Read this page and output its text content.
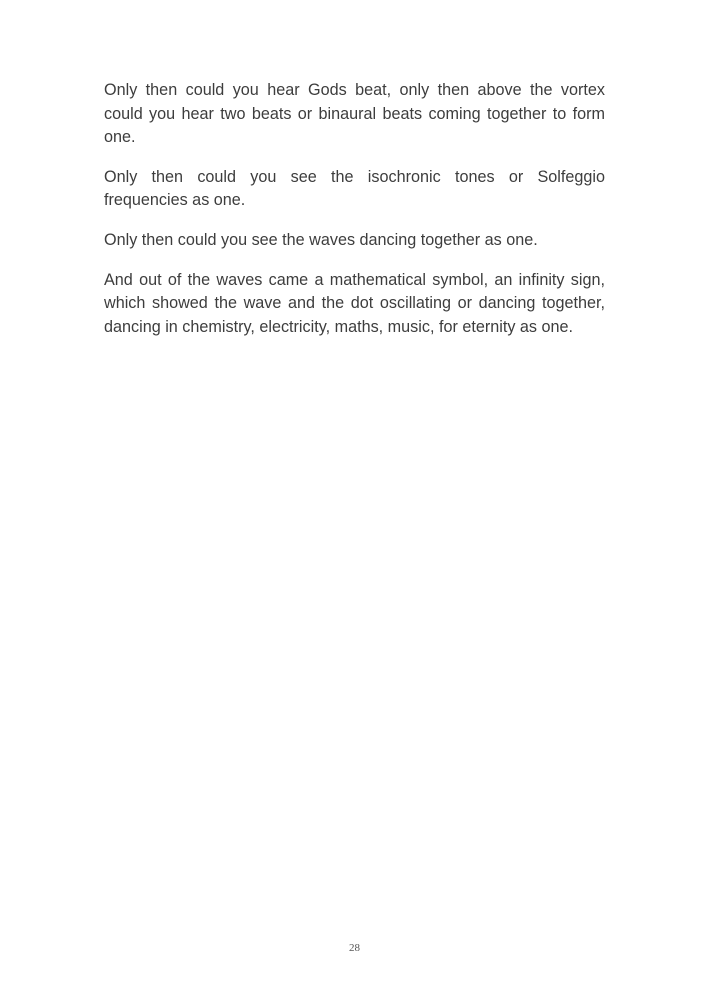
Only then could you hear Gods beat, only then above the vortex could you hear two beats or binaural beats coming together to form one.

Only then could you see the isochronic tones or Solfeggio frequencies as one.

Only then could you see the waves dancing together as one.

And out of the waves came a mathematical symbol, an infinity sign, which showed the wave and the dot oscillating or dancing together, dancing in chemistry, electricity, maths, music, for eternity as one.

28
